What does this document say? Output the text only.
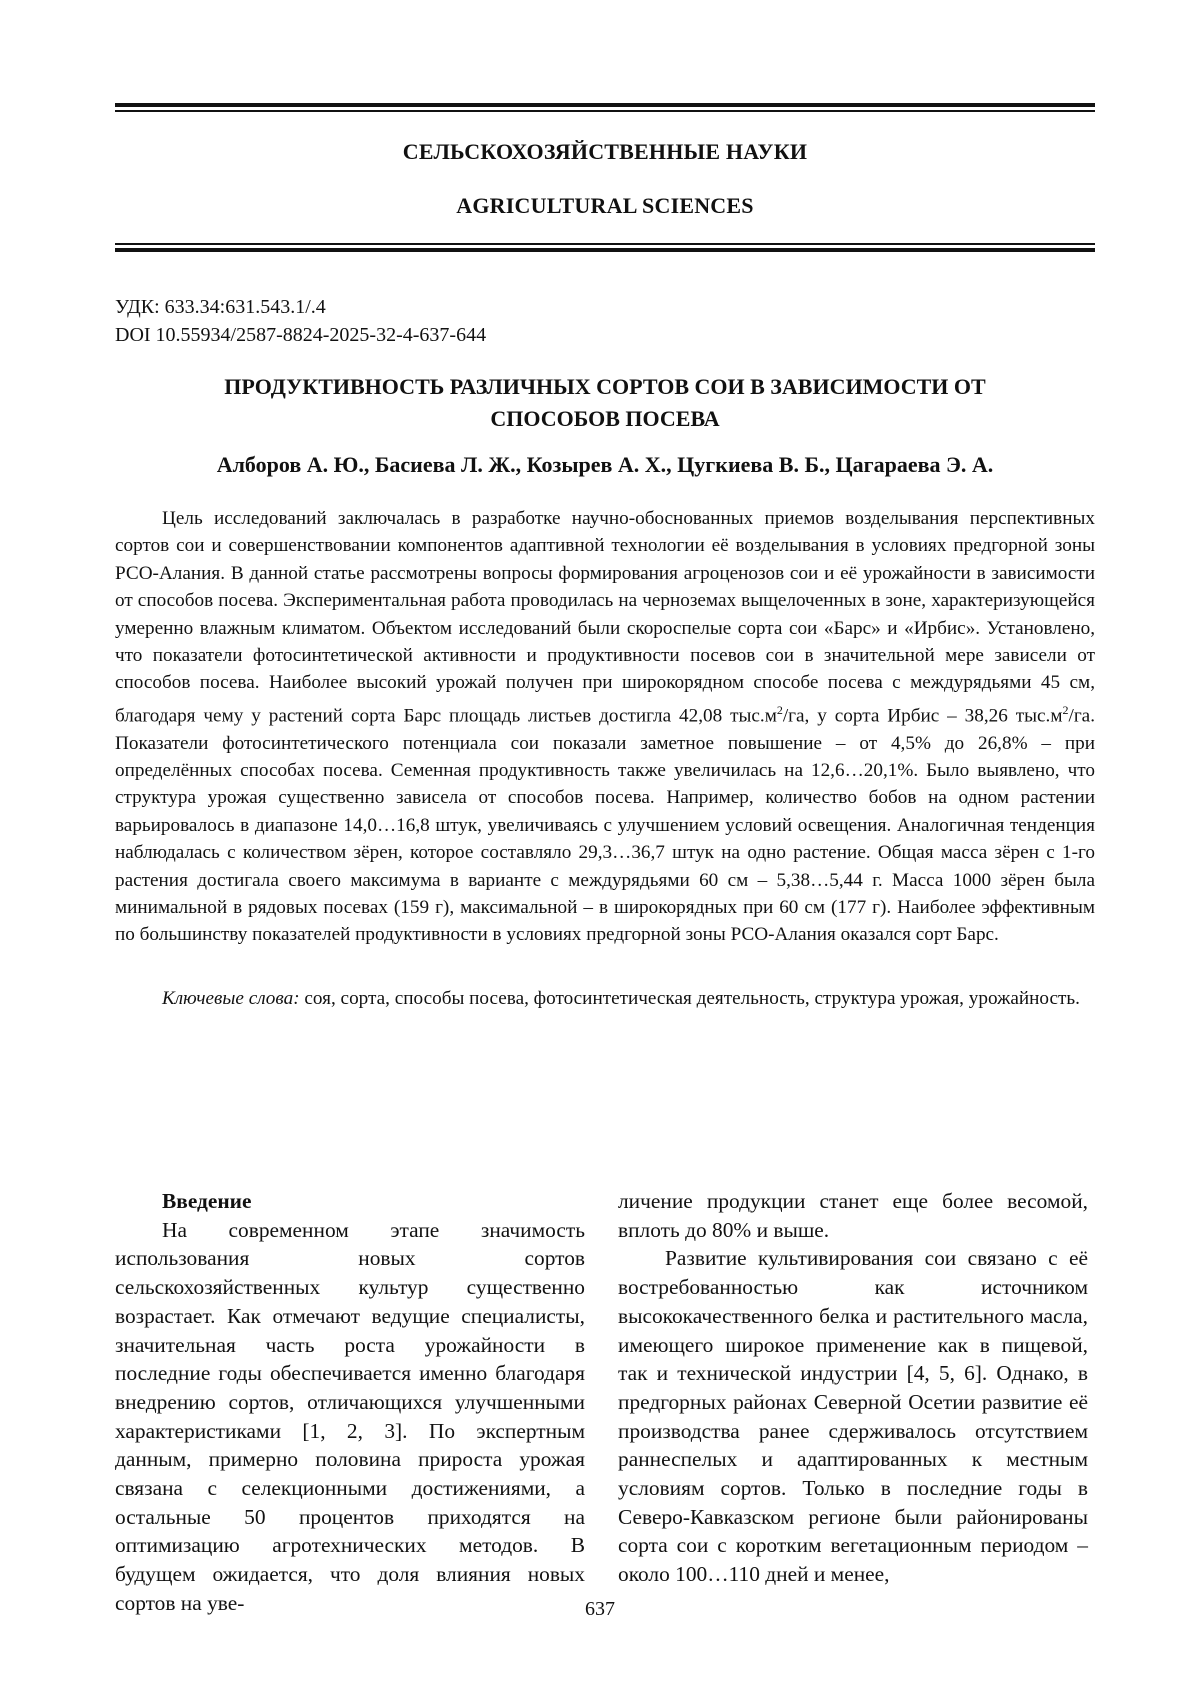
СЕЛЬСКОХОЗЯЙСТВЕННЫЕ НАУКИ
AGRICULTURAL SCIENCES
УДК: 633.34:631.543.1/.4
DOI 10.55934/2587-8824-2025-32-4-637-644
ПРОДУКТИВНОСТЬ РАЗЛИЧНЫХ СОРТОВ СОИ В ЗАВИСИМОСТИ ОТ
СПОСОБОВ ПОСЕВА
Алборов А. Ю., Басиева Л. Ж., Козырев А. Х., Цугкиева В. Б., Цагараева Э. А.

Цель исследований заключалась в разработке научно-обоснованных приемов возделывания перспективных сортов сои и совершенствовании компонентов адаптивной технологии её возделывания в условиях предгорной зоны РСО-Алания. В данной статье рассмотрены вопросы формирования агроценозов сои и её урожайности в зависимости от способов посева. Экспериментальная работа проводилась на черноземах выщелоченных в зоне, характеризующейся умеренно влажным климатом. Объектом исследований были скороспелые сорта сои «Барс» и «Ирбис». Установлено, что показатели фотосинтетической активности и продуктивности посевов сои в значительной мере зависели от способов посева. Наиболее высокий урожай получен при широкорядном способе посева с междурядьями 45 см, благодаря чему у растений сорта Барс площадь листьев достигла 42,08 $тыс.м^2/га$, у сорта Ирбис – 38,26 $тыс.м^2/га$. Показатели фотосинтетического потенциала сои показали заметное повышение – от 4,5% до 26,8% – при определённых способах посева. Семенная продуктивность также увеличилась на 12,6…20,1%. Было выявлено, что структура урожая существенно зависела от способов посева. Например, количество бобов на одном растении варьировалось в диапазоне 14,0…16,8 штук, увеличиваясь с улучшением условий освещения. Аналогичная тенденция наблюдалась с количеством зёрен, которое составляло 29,3…36,7 штук на одно растение. Общая масса зёрен с 1-го растения достигала своего максимума в варианте с междурядьями 60 см – 5,38…5,44 г. Масса 1000 зёрен была минимальной в рядовых посевах (159 г), максимальной – в широкорядных при 60 см (177 г). Наиболее эффективным по большинству показателей продуктивности в условиях предгорной зоны РСО-Алания оказался сорт Барс.

Ключевые слова: соя, сорта, способы посева, фотосинтетическая деятельность, структура урожая, урожайность.

Введение

На современном этапе значимость использования новых сортов сельскохозяйственных культур существенно возрастает. Как отмечают ведущие специалисты, значительная часть роста урожайности в последние годы обеспечивается именно благодаря внедрению сортов, отличающихся улучшенными характеристиками [1, 2, 3]. По экспертным данным, примерно половина прироста урожая связана с селекционными достижениями, а остальные 50 процентов приходятся на оптимизацию агротехнических методов. В будущем ожидается, что доля влияния новых сортов на уве-

личение продукции станет еще более весомой, вплоть до 80% и выше.

Развитие культивирования сои связано с её востребованностью как источником высококачественного белка и растительного масла, имеющего широкое применение как в пищевой, так и технической индустрии [4, 5, 6]. Однако, в предгорных районах Северной Осетии развитие её производства ранее сдерживалось отсутствием раннеспелых и адаптированных к местным условиям сортов. Только в последние годы в Северо-Кавказском регионе были районированы сорта сои с коротким вегетационным периодом – около 100…110 дней и менее,

637
